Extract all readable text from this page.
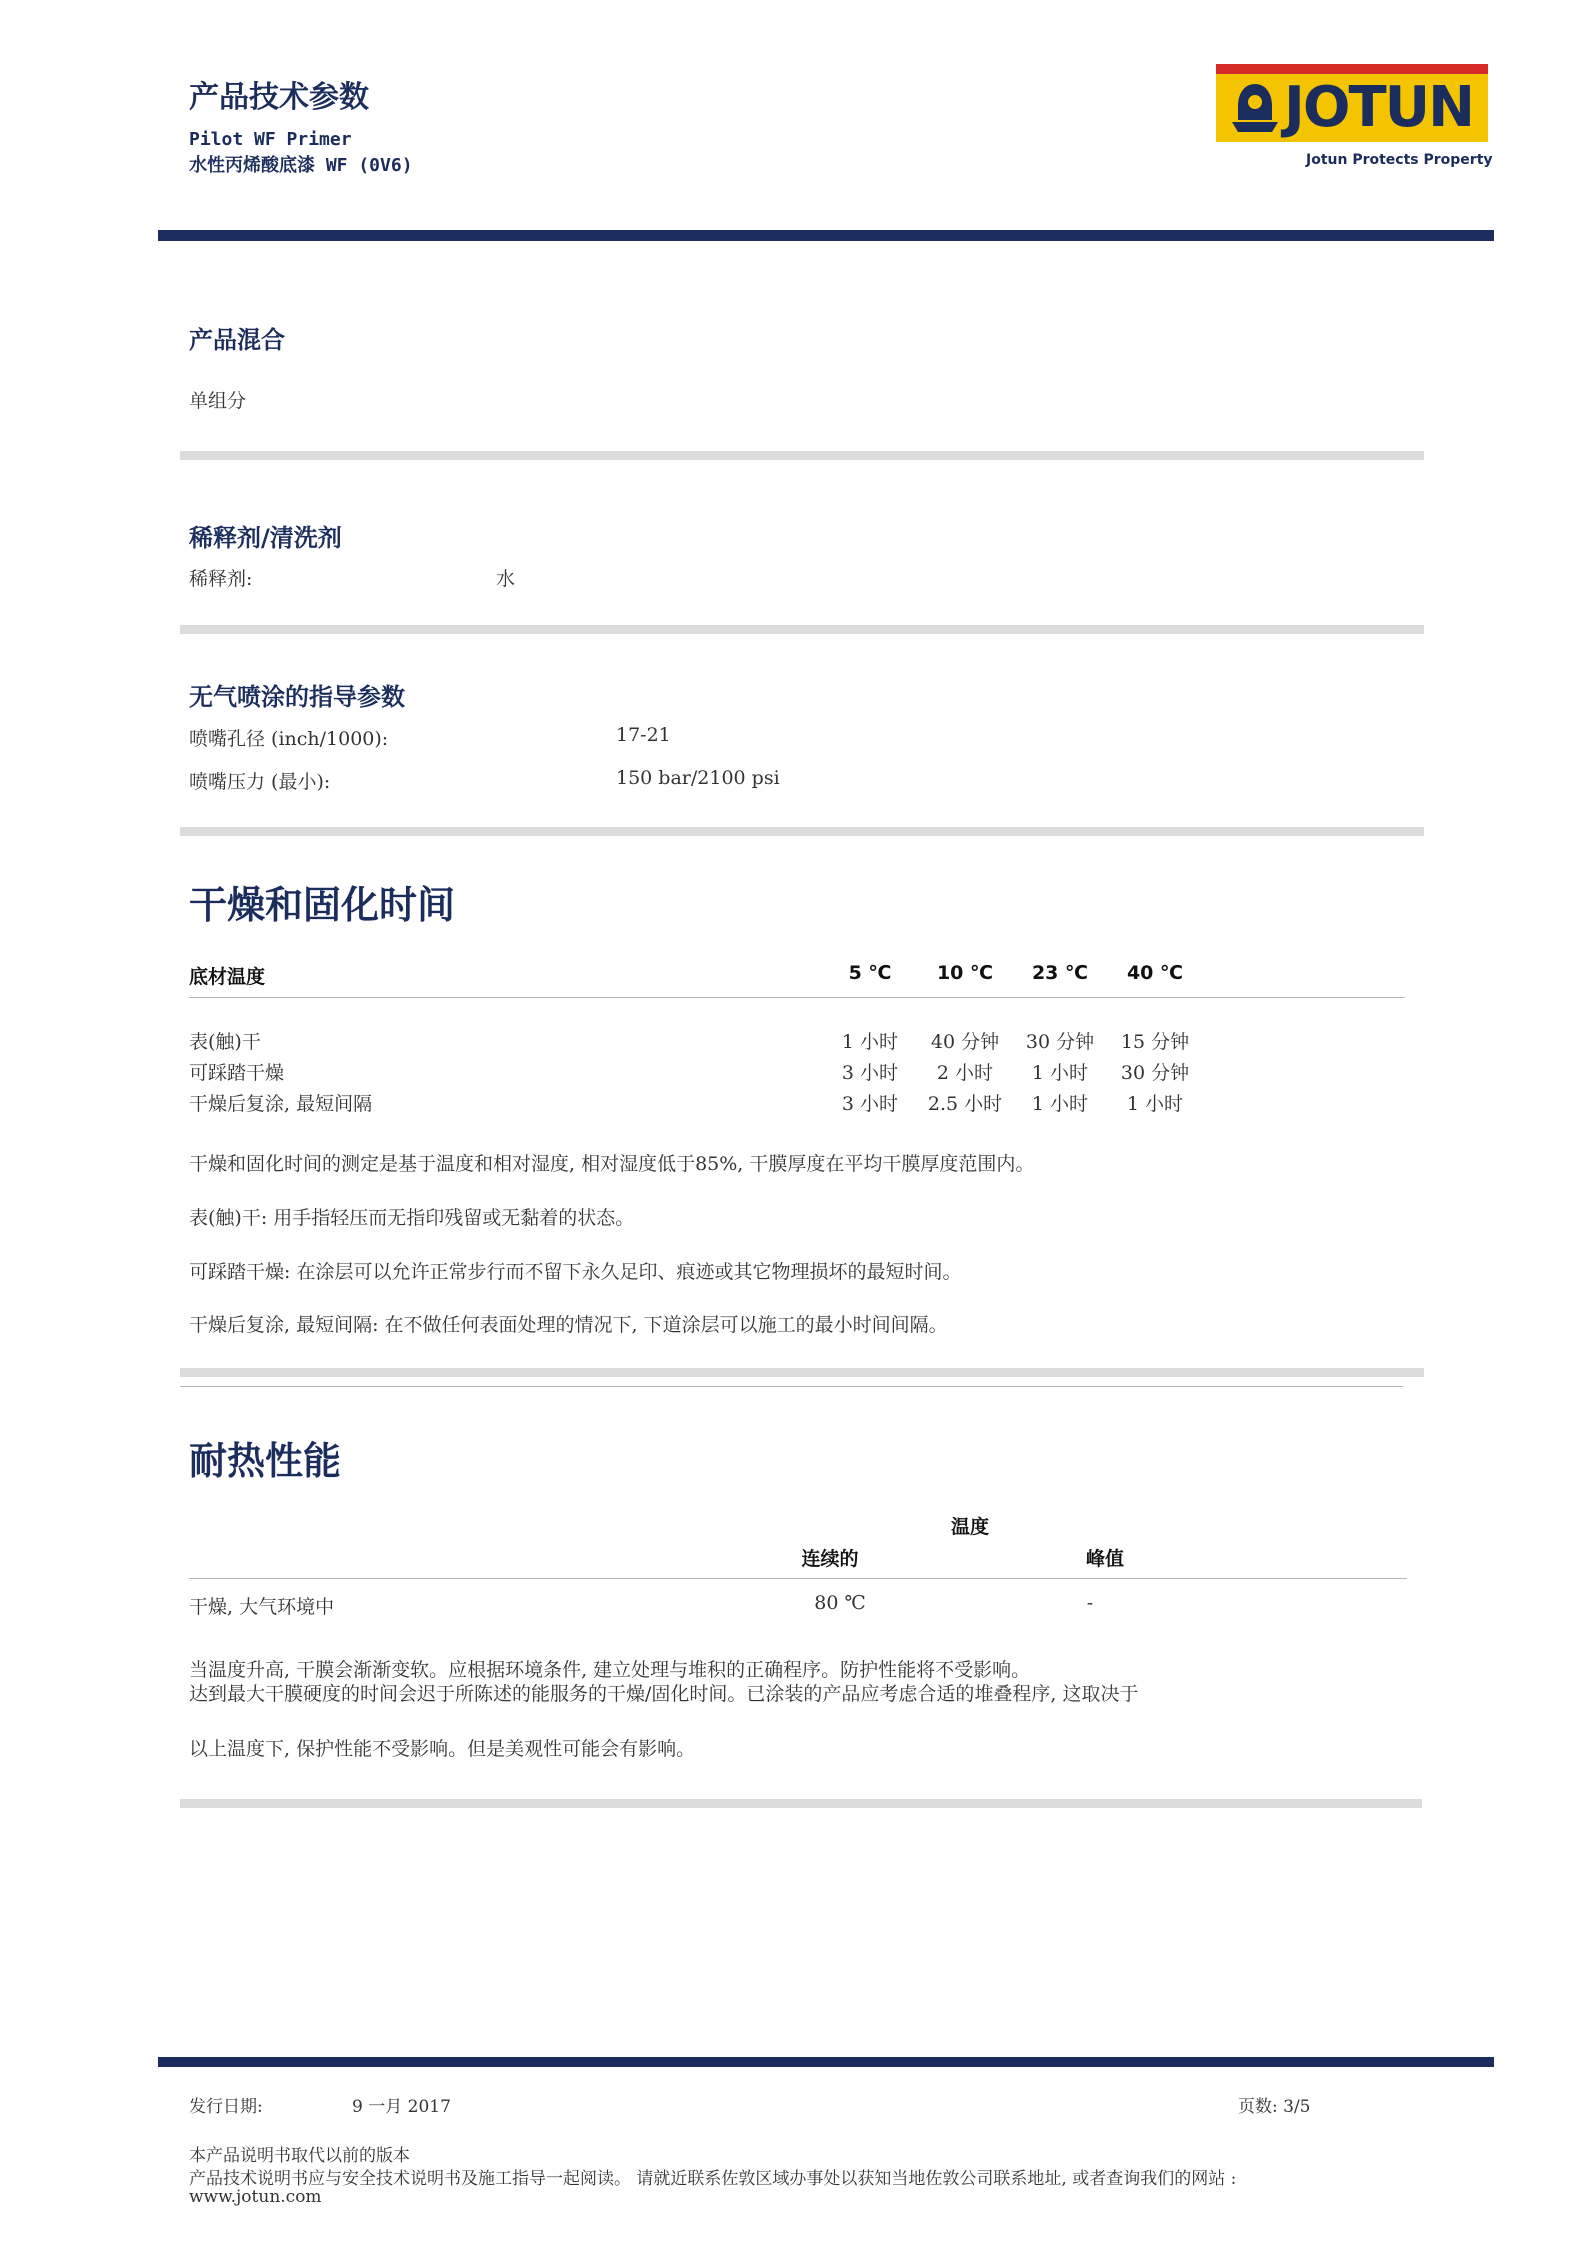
产品技术参数
Pilot WF Primer
水性丙烯酸底漆 WF (0V6)
JOTUN
Jotun Protects Property
产品混合
单组分
稀释剂/清洗剂
稀释剂:	水
无气喷涂的指导参数
喷嘴孔径 (inch/1000):	17-21
喷嘴压力 (最小):	150 bar/2100 psi
干燥和固化时间
底材温度	5 ℃	10 ℃	23 ℃	40 ℃
表(触)干	1 小时	40 分钟	30 分钟	15 分钟
可踩踏干燥	3 小时	2 小时	1 小时	30 分钟
干燥后复涂, 最短间隔	3 小时	2.5 小时	1 小时	1 小时
干燥和固化时间的测定是基于温度和相对湿度, 相对湿度低于85%, 干膜厚度在平均干膜厚度范围内。
表(触)干: 用手指轻压而无指印残留或无黏着的状态。
可踩踏干燥: 在涂层可以允许正常步行而不留下永久足印、痕迹或其它物理损坏的最短时间。
干燥后复涂, 最短间隔: 在不做任何表面处理的情况下, 下道涂层可以施工的最小时间间隔。
耐热性能
温度
连续的	峰值
干燥, 大气环境中	80 ℃	-
当温度升高, 干膜会渐渐变软。应根据环境条件, 建立处理与堆积的正确程序。防护性能将不受影响。
达到最大干膜硬度的时间会迟于所陈述的能服务的干燥/固化时间。已涂装的产品应考虑合适的堆叠程序, 这取决于
以上温度下, 保护性能不受影响。但是美观性可能会有影响。
发行日期:	9 一月 2017	页数: 3/5
本产品说明书取代以前的版本
产品技术说明书应与安全技术说明书及施工指导一起阅读。 请就近联系佐敦区域办事处以获知当地佐敦公司联系地址, 或者查询我们的网站 :
www.jotun.com
